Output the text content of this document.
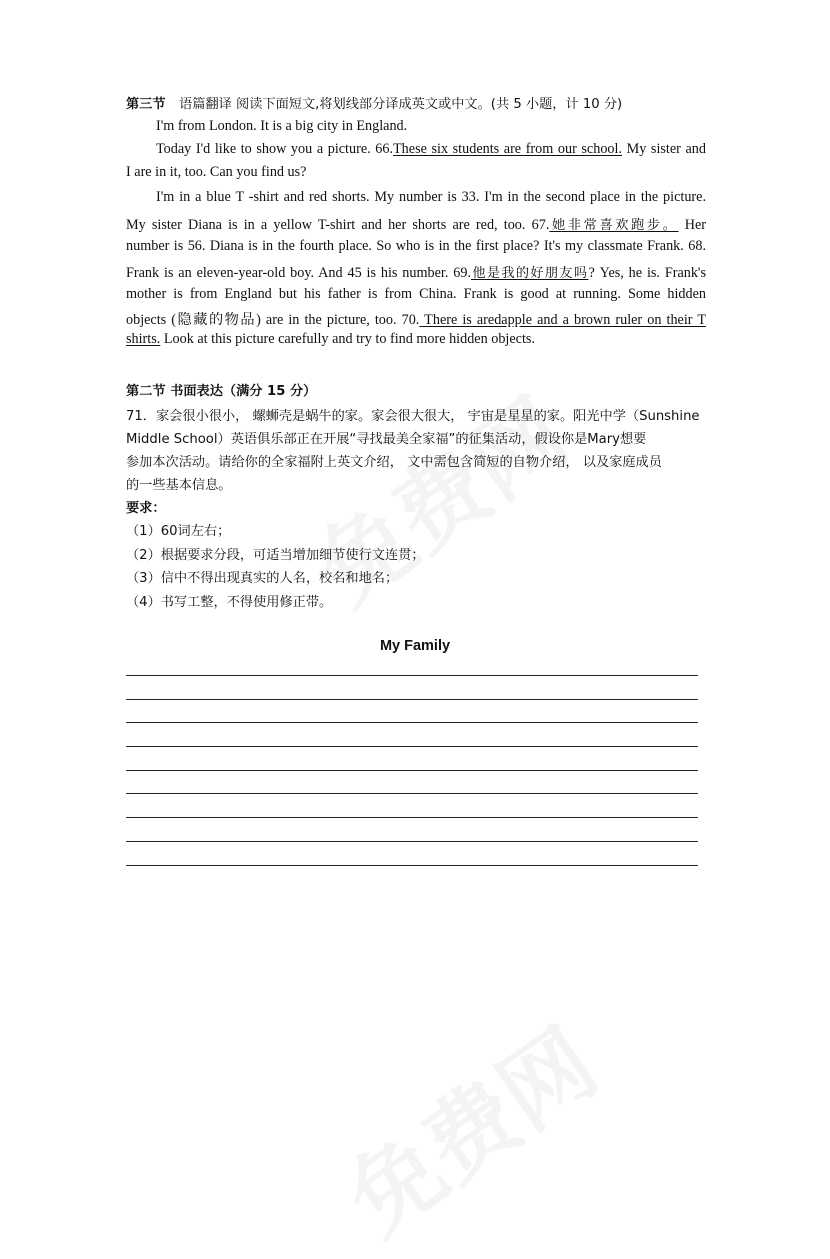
第三节 语篇翻译 阅读下面短文,将划线部分译成英文或中文。(共 5 小题，计 10 分)
I'm from London. It is a big city in England.
Today I'd like to show you a picture. 66.These six students are from our school. My sister and
I are in it, too. Can you find us?
I'm in a blue T -shirt and red shorts. My number is 33. I'm in the second place in the picture.
My sister Diana is in a yellow T-shirt and her shorts are red, too. 67.她非常喜欢跑步。 Her
number is 56. Diana is in the fourth place. So who is in the first place? It's my classmate Frank. 68.
Frank is an eleven-year-old boy. And 45 is his number. 69.他是我的好朋友吗? Yes, he is. Frank's
mother is from England but his father is from China. Frank is good at running. Some hidden
objects (隐藏的物品) are in the picture, too. 70. There is aredapple and a brown ruler on their T
shirts. Look at this picture carefully and try to find more hidden objects.
第二节 书面表达（满分 15 分）
71．家会很小很小， 螺蛳壳是蜗牛的家。家会很大很大， 宇宙是星星的家。阳光中学（Sunshine
Middle School）英语俱乐部正在开展“寻找最美全家福”的征集活动，假设你是Mary想要
参加本次活动。请给你的全家福附上英文介绍， 文中需包含简短的自物介绍， 以及家庭成员
的一些基本信息。
要求：
（1）60词左右；
（2）根据要求分段，可适当增加细节使行文连贯；
（3）信中不得出现真实的人名，校名和地名；
（4）书写工整，不得使用修正带。
My Family
